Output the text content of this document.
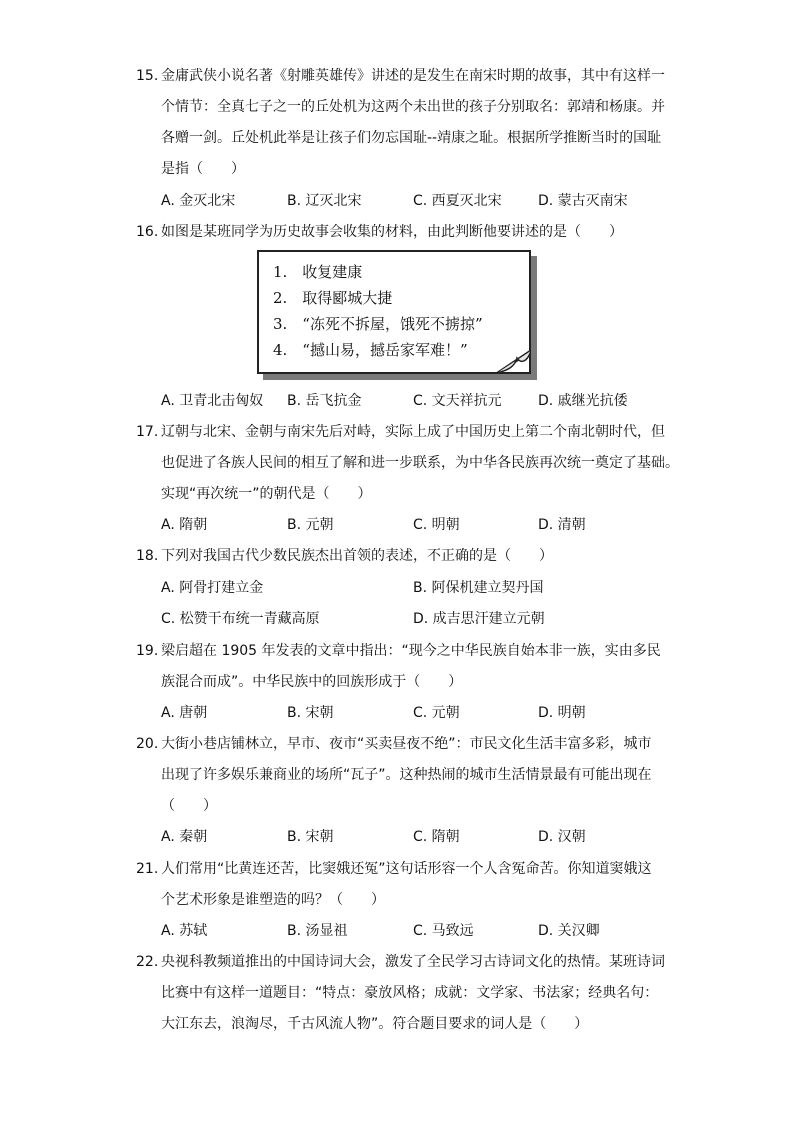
15. 金庸武侠小说名著《射雕英雄传》讲述的是发生在南宋时期的故事，其中有这样一
个情节：全真七子之一的丘处机为这两个未出世的孩子分别取名：郭靖和杨康。并
各赠一剑。丘处机此举是让孩子们勿忘国耻--靖康之耻。根据所学推断当时的国耻
是指（　　）
A. 金灭北宋	B. 辽灭北宋	C. 西夏灭北宋	D. 蒙古灭南宋
16. 如图是某班同学为历史故事会收集的材料，由此判断他要讲述的是（　　）
1.　收复建康
2.　取得郾城大捷
3.　“冻死不拆屋，饿死不掳掠”
4.　“撼山易，撼岳家军难！”
A. 卫青北击匈奴 B. 岳飞抗金	C. 文天祥抗元	D. 戚继光抗倭
17. 辽朝与北宋、金朝与南宋先后对峙，实际上成了中国历史上第二个南北朝时代，但
也促进了各族人民间的相互了解和进一步联系，为中华各民族再次统一奠定了基础。
实现“再次统一”的朝代是（　　）
A. 隋朝	B. 元朝	C. 明朝	D. 清朝
18. 下列对我国古代少数民族杰出首领的表述，不正确的是（　　）
A. 阿骨打建立金	B. 阿保机建立契丹国
C. 松赞干布统一青藏高原	D. 成吉思汗建立元朝
19. 梁启超在 1905 年发表的文章中指出：“现今之中华民族自始本非一族，实由多民
族混合而成”。中华民族中的回族形成于（　　）
A. 唐朝	B. 宋朝	C. 元朝	D. 明朝
20. 大街小巷店铺林立，早市、夜市“买卖昼夜不绝”：市民文化生活丰富多彩，城市
出现了许多娱乐兼商业的场所“瓦子”。这种热闹的城市生活情景最有可能出现在
（　　）
A. 秦朝	B. 宋朝	C. 隋朝	D. 汉朝
21. 人们常用“比黄连还苦，比窦娥还冤”这句话形容一个人含冤命苦。你知道窦娥这
个艺术形象是谁塑造的吗？（　　）
A. 苏轼	B. 汤显祖	C. 马致远	D. 关汉卿
22. 央视科教频道推出的中国诗词大会，激发了全民学习古诗词文化的热情。某班诗词
比赛中有这样一道题目：“特点：豪放风格；成就：文学家、书法家；经典名句：
大江东去，浪淘尽，千古风流人物”。符合题目要求的词人是（　　）
